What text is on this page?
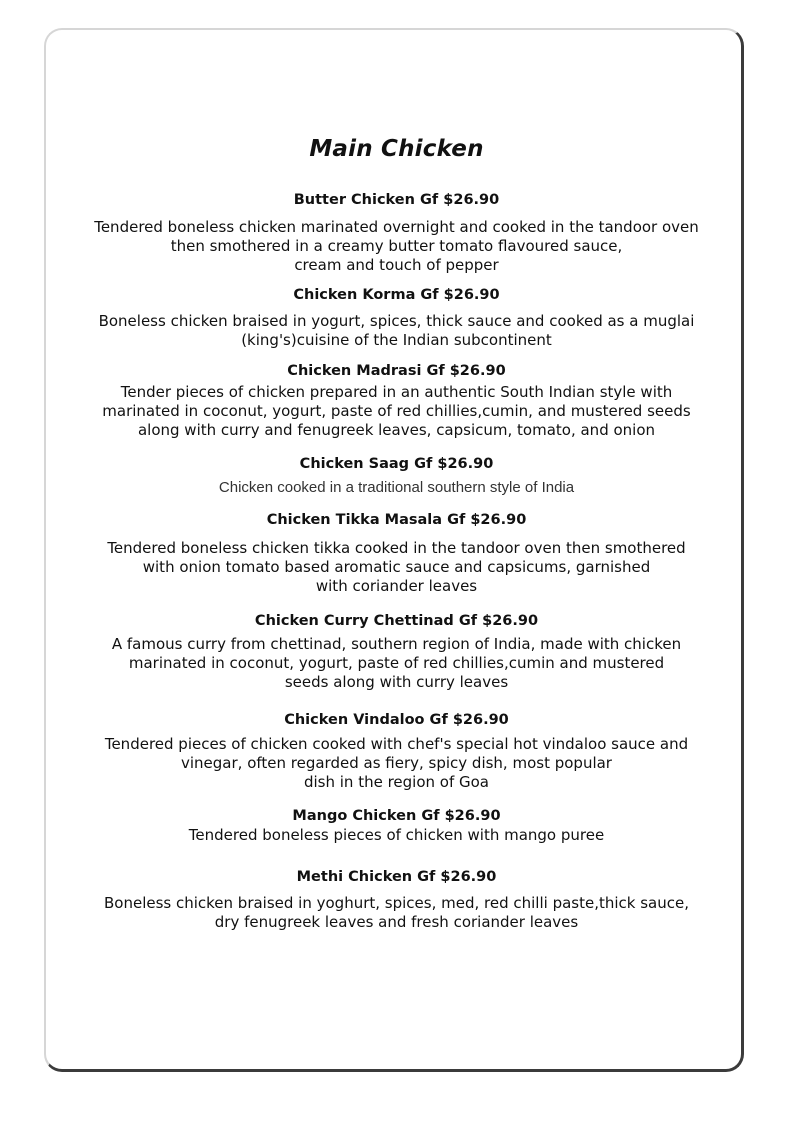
Main Chicken
Butter Chicken Gf $26.90
Tendered boneless chicken marinated overnight and cooked in the tandoor oven
then smothered in a creamy butter tomato flavoured sauce,
cream and touch of pepper
Chicken Korma Gf $26.90
Boneless chicken braised in yogurt, spices, thick sauce and cooked as a muglai
(king's)cuisine of the Indian subcontinent
Chicken Madrasi Gf $26.90
Tender pieces of chicken prepared in an authentic South Indian style with
marinated in coconut, yogurt, paste of red chillies,cumin, and mustered seeds
along with curry and fenugreek leaves, capsicum, tomato, and onion
Chicken Saag Gf $26.90
Chicken cooked in a traditional southern style of India
Chicken Tikka Masala Gf $26.90
Tendered boneless chicken tikka cooked in the tandoor oven then smothered
with onion tomato based aromatic sauce and capsicums, garnished
with coriander leaves
Chicken Curry Chettinad Gf $26.90
A famous curry from chettinad, southern region of India, made with chicken
marinated in coconut, yogurt, paste of red chillies,cumin and mustered
seeds along with curry leaves
Chicken Vindaloo Gf $26.90
Tendered pieces of chicken cooked with chef's special hot vindaloo sauce and
vinegar, often regarded as fiery, spicy dish, most popular
dish in the region of Goa
Mango Chicken Gf $26.90
Tendered boneless pieces of chicken with mango puree
Methi Chicken Gf $26.90
Boneless chicken braised in yoghurt, spices, med, red chilli paste,thick sauce,
dry fenugreek leaves and fresh coriander leaves
